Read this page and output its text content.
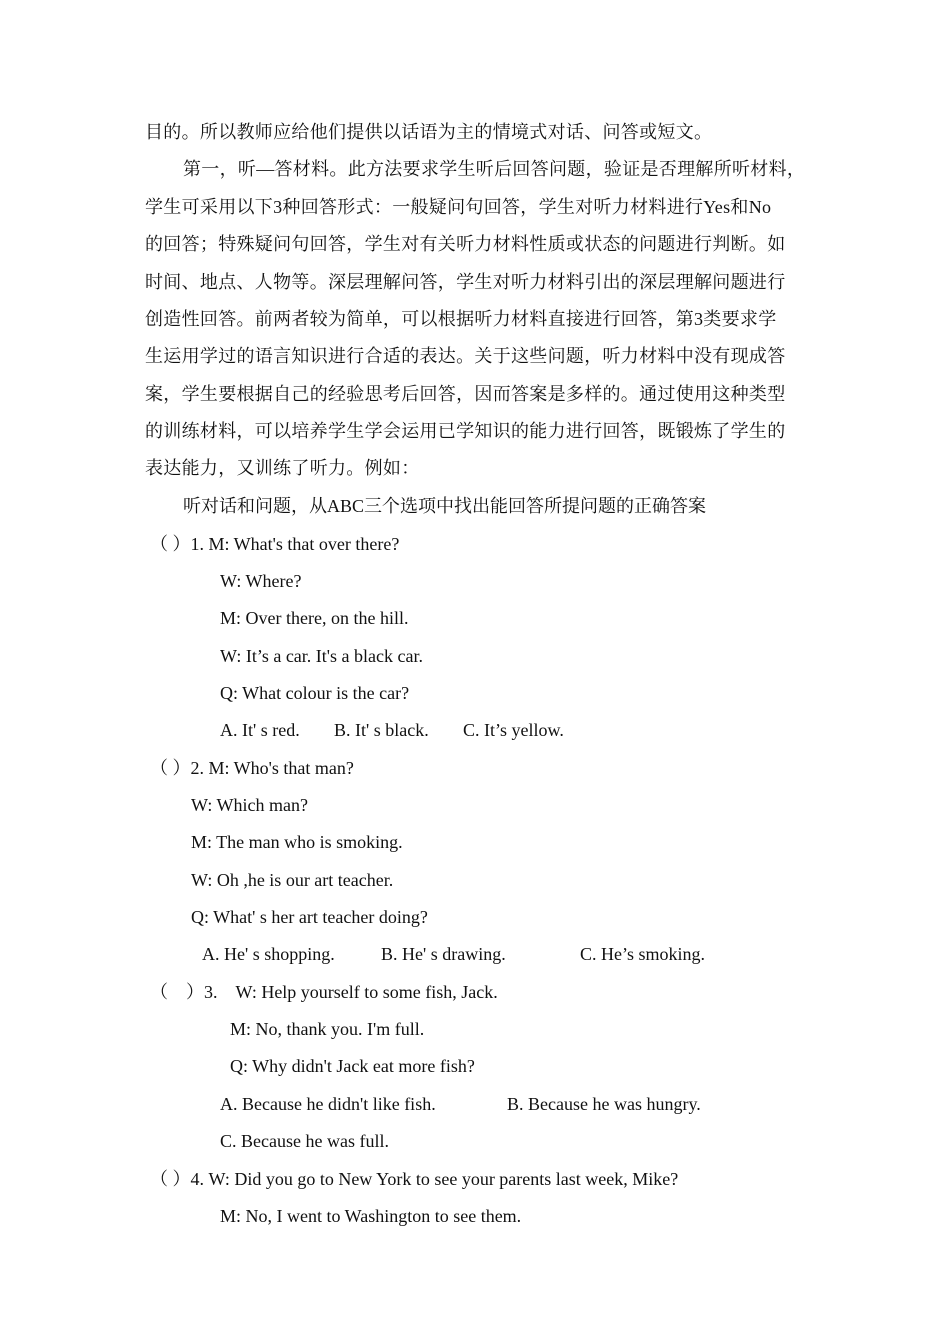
目的。所以教师应给他们提供以话语为主的情境式对话、问答或短文。

第一，听—答材料。此方法要求学生听后回答问题，验证是否理解所听材料，

学生可采用以下3种回答形式：一般疑问句回答，学生对听力材料进行Yes和No

的回答；特殊疑问句回答，学生对有关听力材料性质或状态的问题进行判断。如

时间、地点、人物等。深层理解问答，学生对听力材料引出的深层理解问题进行

创造性回答。前两者较为简单，可以根据听力材料直接进行回答，第3类要求学

生运用学过的语言知识进行合适的表达。关于这些问题，听力材料中没有现成答

案，学生要根据自己的经验思考后回答，因而答案是多样的。通过使用这种类型

的训练材料，可以培养学生学会运用已学知识的能力进行回答，既锻炼了学生的

表达能力，又训练了听力。例如：

听对话和问题，从ABC三个选项中找出能回答所提问题的正确答案

（ ）1. M: What's that over there?

W: Where?

M: Over there, on the hill.

W: It’s a car. It's a black car.

Q: What colour is the car?

A. It' s red. B. It' s black. C. It’s yellow.

（ ）2. M: Who's that man?

W: Which man?

M: The man who is smoking.

W: Oh ,he is our art teacher.

Q: What' s her art teacher doing?

A. He' s shopping.	B. He' s drawing.	C. He’s smoking.

（    ）3.    W: Help yourself to some fish, Jack.

M: No, thank you. I'm full.

Q: Why didn't Jack eat more fish?

A. Because he didn't like fish.	B. Because he was hungry.
C. Because he was full.

（ ）4. W: Did you go to New York to see your parents last week, Mike?

M: No, I went to Washington to see them.
